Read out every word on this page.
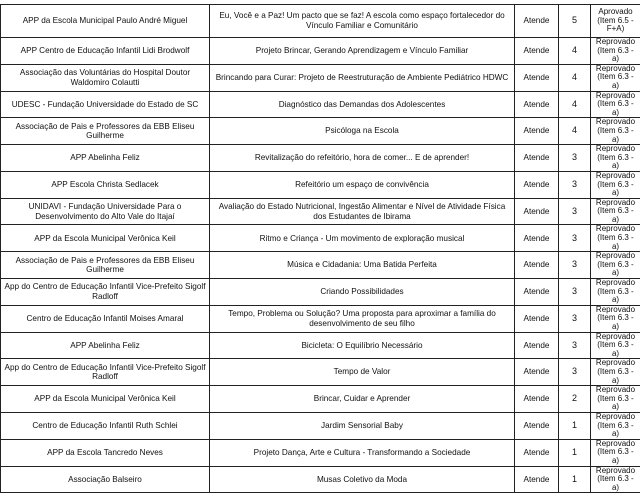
APP da Escola Municipal Paulo André Miguel	Eu, Você e a Paz! Um pacto que se faz! A escola como espaço fortalecedor do Vínculo Familiar e Comunitário	Atende	5	Aprovado (Item 6.5 - F+A)
APP Centro de Educação Infantil Lidi Brodwolf	Projeto Brincar, Gerando Aprendizagem e Vínculo Familiar	Atende	4	Reprovado (Item 6.3 - a)
Associação das Voluntárias do Hospital Doutor Waldomiro Colautti	Brincando para Curar: Projeto de Reestruturação de Ambiente Pediátrico HDWC	Atende	4	Reprovado (Item 6.3 - a)
UDESC - Fundação Universidade do Estado de SC	Diagnóstico das Demandas dos Adolescentes	Atende	4	Reprovado (Item 6.3 - a)
Associação de Pais e Professores da EBB Eliseu Guilherme	Psicóloga na Escola	Atende	4	Reprovado (Item 6.3 - a)
APP Abelinha Feliz	Revitalização do refeitório, hora de comer... E de aprender!	Atende	3	Reprovado (Item 6.3 - a)
APP Escola Christa Sedlacek	Refeitório um espaço de convivência	Atende	3	Reprovado (Item 6.3 - a)
UNIDAVI - Fundação Universidade Para o Desenvolvimento do Alto Vale do Itajaí	Avaliação do Estado Nutricional, Ingestão Alimentar e Nível de Atividade Física dos Estudantes de Ibirama	Atende	3	Reprovado (Item 6.3 - a)
APP da Escola Municipal Verônica Keil	Ritmo e Criança - Um movimento de exploração musical	Atende	3	Reprovado (Item 6.3 - a)
Associação de Pais e Professores da EBB Eliseu Guilherme	Música e Cidadania: Uma Batida Perfeita	Atende	3	Reprovado (Item 6.3 - a)
App do Centro de Educação Infantil Vice-Prefeito Sigolf Radloff	Criando Possibilidades	Atende	3	Reprovado (Item 6.3 - a)
Centro de Educação Infantil Moises Amaral	Tempo, Problema ou Solução? Uma proposta para aproximar a família do desenvolvimento de seu filho	Atende	3	Reprovado (Item 6.3 - a)
APP Abelinha Feliz	Bicicleta: O Equilíbrio Necessário	Atende	3	Reprovado (Item 6.3 - a)
App do Centro de Educação Infantil Vice-Prefeito Sigolf Radloff	Tempo de Valor	Atende	3	Reprovado (Item 6.3 - a)
APP da Escola Municipal Verônica Keil	Brincar, Cuidar e Aprender	Atende	2	Reprovado (Item 6.3 - a)
Centro de Educação Infantil Ruth Schlei	Jardim Sensorial Baby	Atende	1	Reprovado (Item 6.3 - a)
APP da Escola Tancredo Neves	Projeto Dança, Arte e Cultura - Transformando a Sociedade	Atende	1	Reprovado (Item 6.3 - a)
Associação Balseiro	Musas Coletivo da Moda	Atende	1	Reprovado (Item 6.3 - a)
